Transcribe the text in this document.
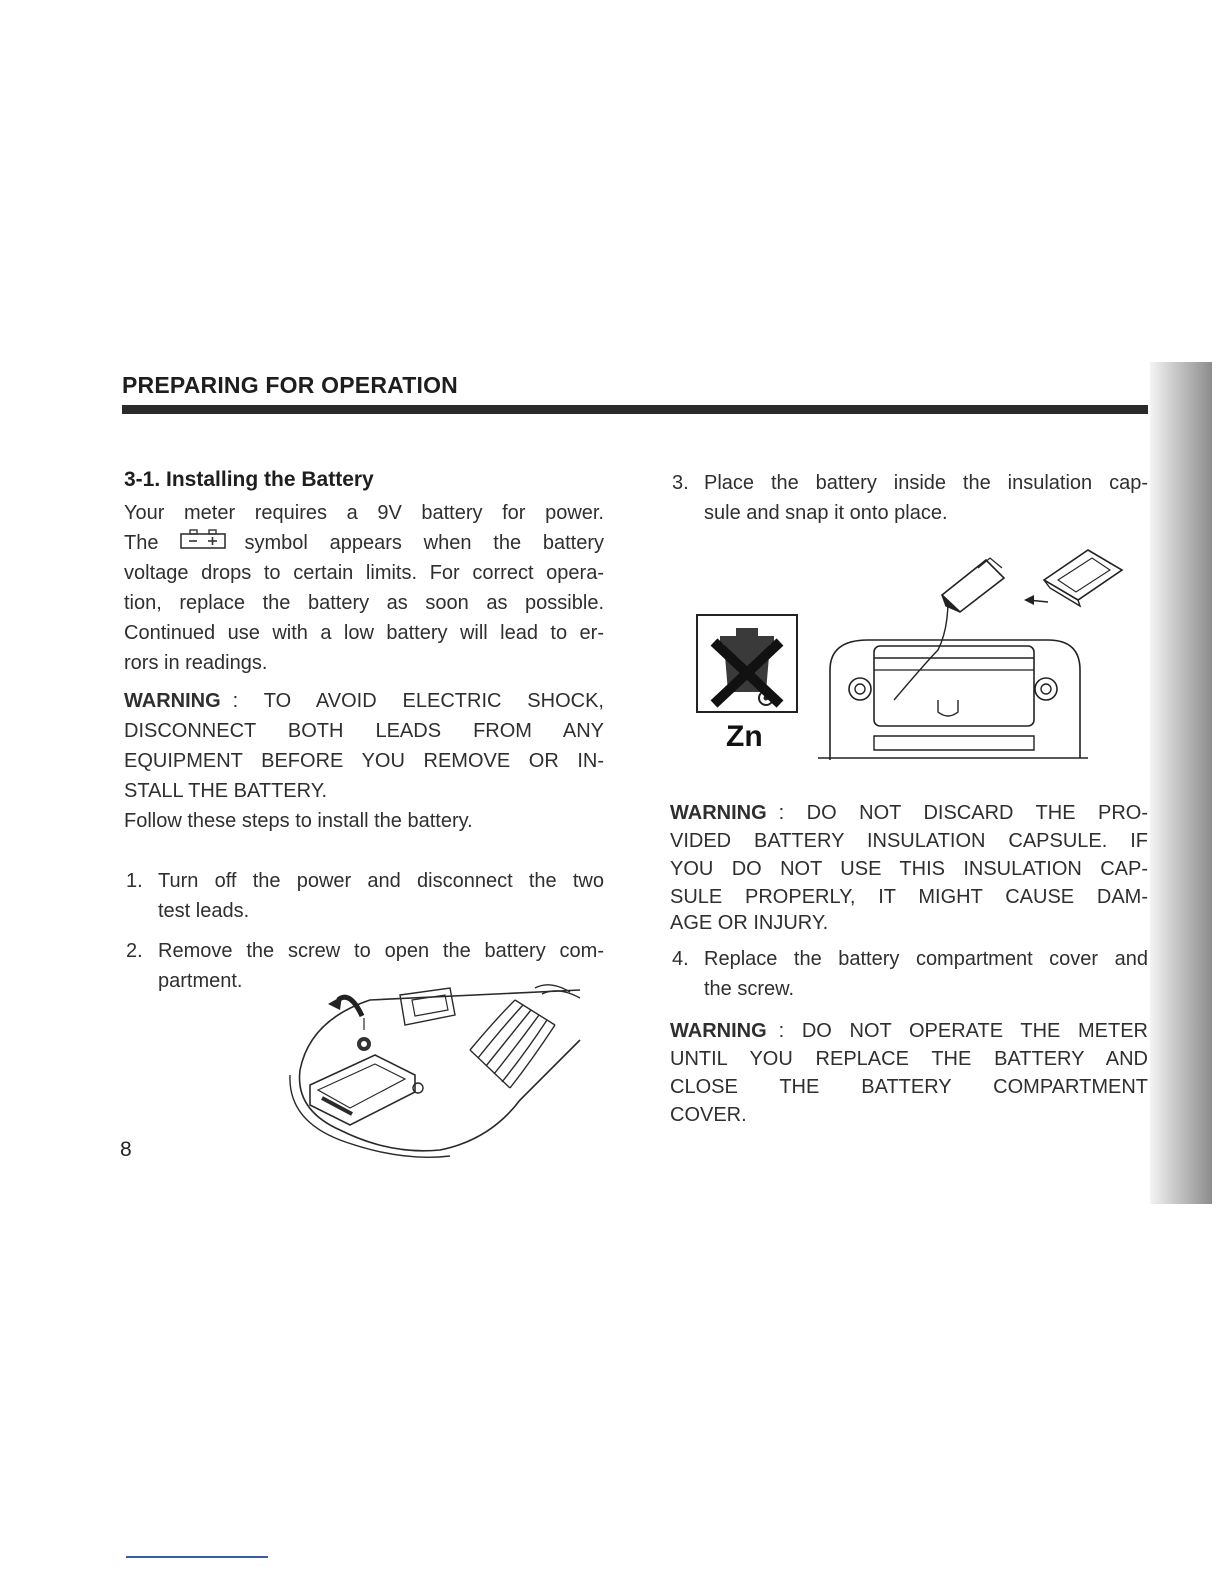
PREPARING FOR OPERATION
3-1. Installing the Battery
Your meter requires a 9V battery for power.
The	symbol appears when the battery
voltage drops to certain limits. For correct opera-
tion, replace the battery as soon as possible.
Continued use with a low battery will lead to er-
rors in readings.
WARNING : TO AVOID ELECTRIC SHOCK,
DISCONNECT BOTH LEADS FROM ANY
EQUIPMENT BEFORE YOU REMOVE OR IN-
STALL THE BATTERY.
Follow these steps to install the battery.
1. Turn off the power and disconnect the two
test leads.
2. Remove the screw to open the battery com-
partment.
8
3. Place the battery inside the insulation cap-
sule and snap it onto place.
Zn
WARNING : DO NOT DISCARD THE PRO-
VIDED BATTERY INSULATION CAPSULE. IF
YOU DO NOT USE THIS INSULATION CAP-
SULE PROPERLY, IT MIGHT CAUSE DAM-
AGE OR INJURY.
4. Replace the battery compartment cover and
the screw.
WARNING : DO NOT OPERATE THE METER
UNTIL YOU REPLACE THE BATTERY AND
CLOSE THE BATTERY COMPARTMENT
COVER.
